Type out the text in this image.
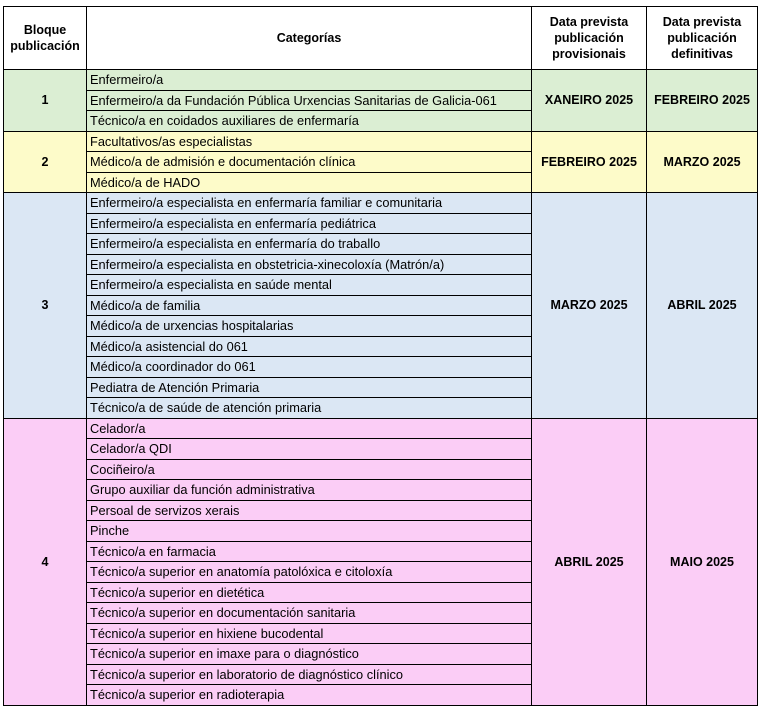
Bloque publicación	Categorías	Data prevista publicación provisionais	Data prevista publicación definitivas
1	Enfermeiro/a	XANEIRO 2025	FEBREIRO 2025
	Enfermeiro/a da Fundación Pública Urxencias Sanitarias de Galicia-061		
	Técnico/a en coidados auxiliares de enfermaría		
2	Facultativos/as especialistas	FEBREIRO 2025	MARZO 2025
	Médico/a de admisión e documentación clínica		
	Médico/a de HADO		
3	Enfermeiro/a especialista en enfermaría familiar e comunitaria	MARZO 2025	ABRIL 2025
	Enfermeiro/a especialista en enfermaría pediátrica		
	Enfermeiro/a especialista en enfermaría do traballo		
	Enfermeiro/a especialista en obstetricia-xinecoloxía (Matrón/a)		
	Enfermeiro/a especialista en saúde mental		
	Médico/a de familia		
	Médico/a de urxencias hospitalarias		
	Médico/a asistencial do 061		
	Médico/a coordinador do 061		
	Pediatra de Atención Primaria		
	Técnico/a de saúde de atención primaria		
4	Celador/a	ABRIL 2025	MAIO 2025
	Celador/a QDI		
	Cociñeiro/a		
	Grupo auxiliar da función administrativa		
	Persoal de servizos xerais		
	Pinche		
	Técnico/a en farmacia		
	Técnico/a superior en anatomía patolóxica e citoloxía		
	Técnico/a superior en dietética		
	Técnico/a superior en documentación sanitaria		
	Técnico/a superior en hixiene bucodental		
	Técnico/a superior en imaxe para o diagnóstico		
	Técnico/a superior en laboratorio de diagnóstico clínico		
	Técnico/a superior en radioterapia		
